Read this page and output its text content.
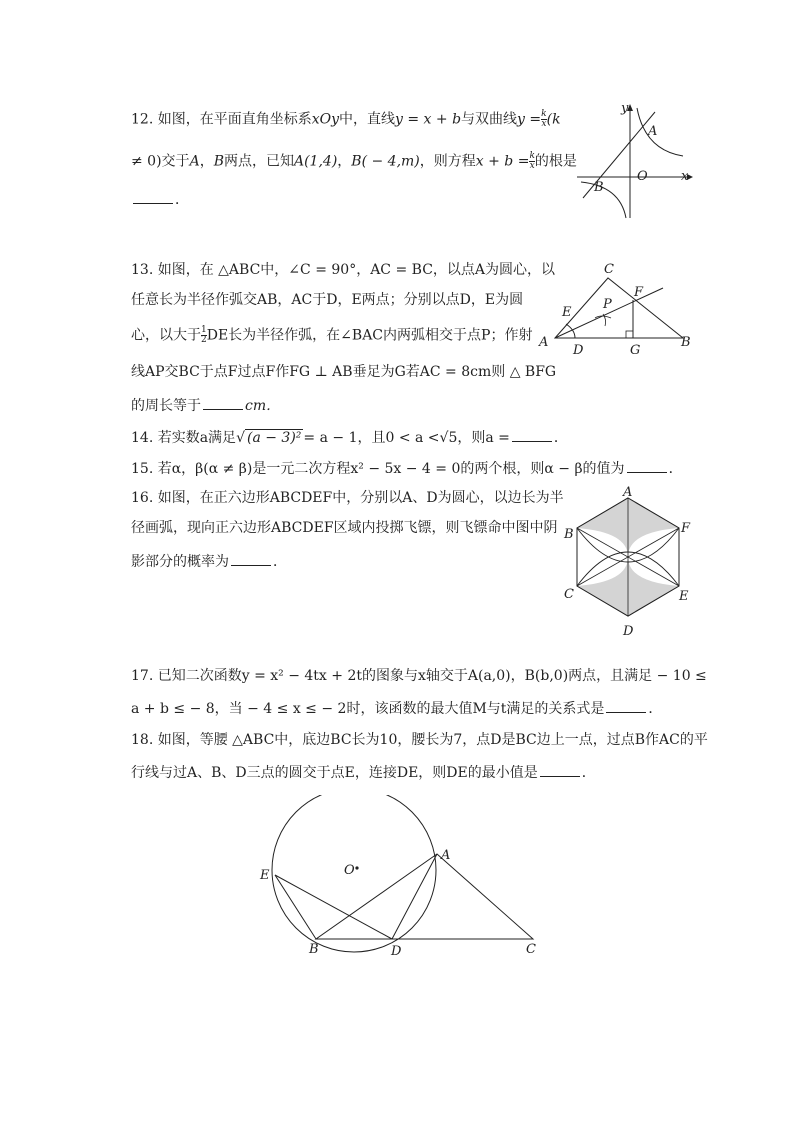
12. 如图，在平面直角坐标系xOy中，直线y = x + b与双曲线$y = \frac{k}{x} (k$
≠ 0)交于A，B两点，已知A(1,4)，B( − 4,m)，则方程$x + b = \frac{k}{x}$ 的根是
．
y
x
O
A
B
13. 如图，在 △ABC中，∠C = 90°，AC = BC，以点A为圆心，以
任意长为半径作弧交AB，AC于D，E两点；分别以点D，E为圆
心，以大于 $\frac{1}{2}$ DE长为半径作弧，在∠BAC内两弧相交于点P；作射
线AP交BC于点F过点F作FG ⊥ AB垂足为G若AC = 8cm则 △ BFG
的周长等于	cm．
C
F
E
P
A
D	G
B
14. 若实数a满足√ (a − 3)² = a − 1，且0 < a <√5，则a =	．
15. 若α，β(α ≠ β)是一元二次方程x² − 5x − 4 = 0的两个根，则α − β的值为	．
16. 如图，在正六边形ABCDEF中，分别以A、D为圆心，以边长为半
径画弧，现向正六边形ABCDEF区域内投掷飞镖，则飞镖命中图中阴
影部分的概率为	．
A
B	F
C	E
D
17. 已知二次函数y = x² − 4tx + 2t的图象与x轴交于A(a,0)，B(b,0)两点，且满足 − 10 ≤
a + b ≤ − 8，当 − 4 ≤ x ≤ − 2时，该函数的最大值M与t满足的关系式是	．
18. 如图，等腰 △ABC中，底边BC长为10，腰长为7，点D是BC边上一点，过点B作AC的平
行线与过A、B、D三点的圆交于点E，连接DE，则DE的最小值是	．
E	O
A
B	D	C
